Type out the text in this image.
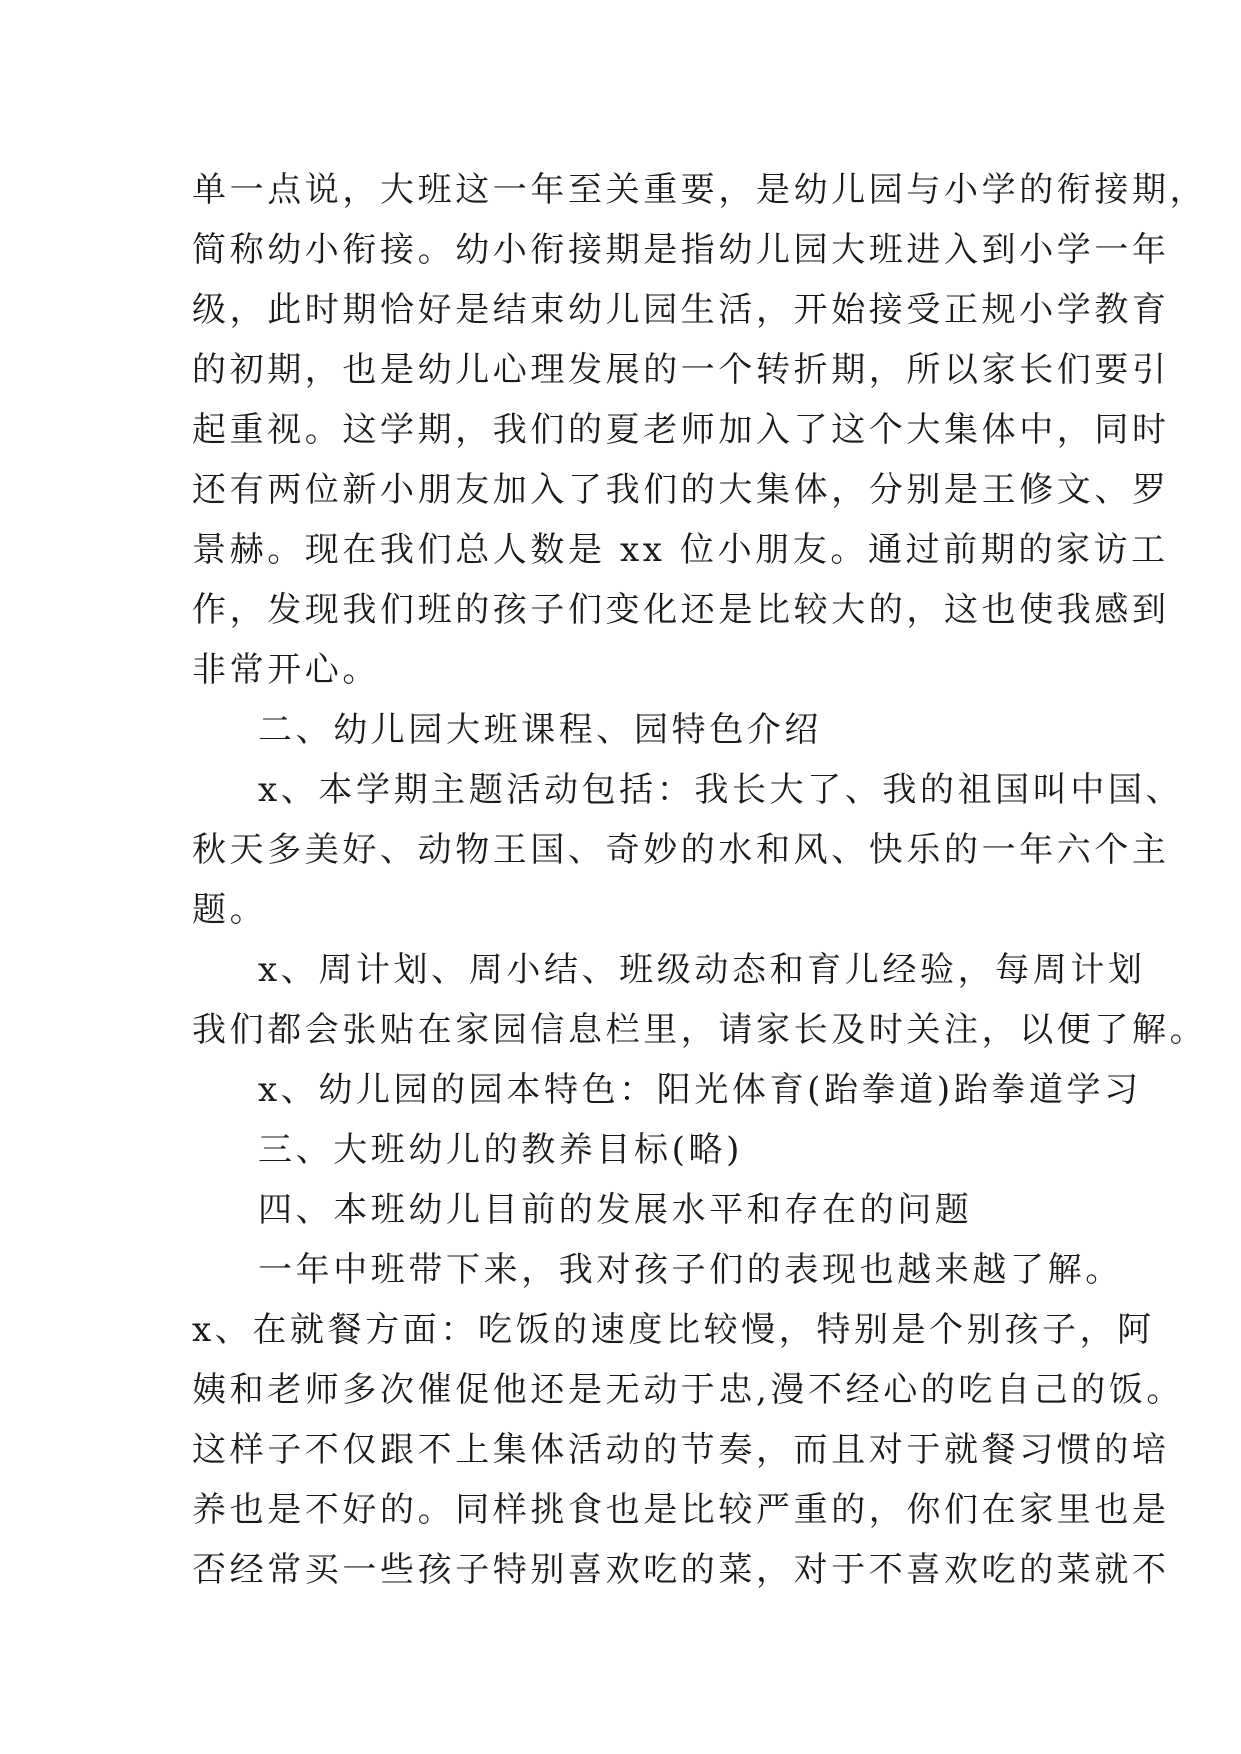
单一点说，大班这一年至关重要，是幼儿园与小学的衔接期，

简称幼小衔接。幼小衔接期是指幼儿园大班进入到小学一年

级，此时期恰好是结束幼儿园生活，开始接受正规小学教育

的初期，也是幼儿心理发展的一个转折期，所以家长们要引

起重视。这学期，我们的夏老师加入了这个大集体中，同时

还有两位新小朋友加入了我们的大集体，分别是王修文、罗

景赫。现在我们总人数是 xx 位小朋友。通过前期的家访工

作，发现我们班的孩子们变化还是比较大的，这也使我感到

非常开心。

二、幼儿园大班课程、园特色介绍

x、本学期主题活动包括：我长大了、我的祖国叫中国、

秋天多美好、动物王国、奇妙的水和风、快乐的一年六个主

题。

x、周计划、周小结、班级动态和育儿经验，每周计划

我们都会张贴在家园信息栏里，请家长及时关注，以便了解。

x、幼儿园的园本特色：阳光体育(跆拳道)跆拳道学习

三、大班幼儿的教养目标(略)

四、本班幼儿目前的发展水平和存在的问题

一年中班带下来，我对孩子们的表现也越来越了解。

x、在就餐方面：吃饭的速度比较慢，特别是个别孩子，阿

姨和老师多次催促他还是无动于忠,漫不经心的吃自己的饭。

这样子不仅跟不上集体活动的节奏，而且对于就餐习惯的培

养也是不好的。同样挑食也是比较严重的，你们在家里也是

否经常买一些孩子特别喜欢吃的菜，对于不喜欢吃的菜就不
